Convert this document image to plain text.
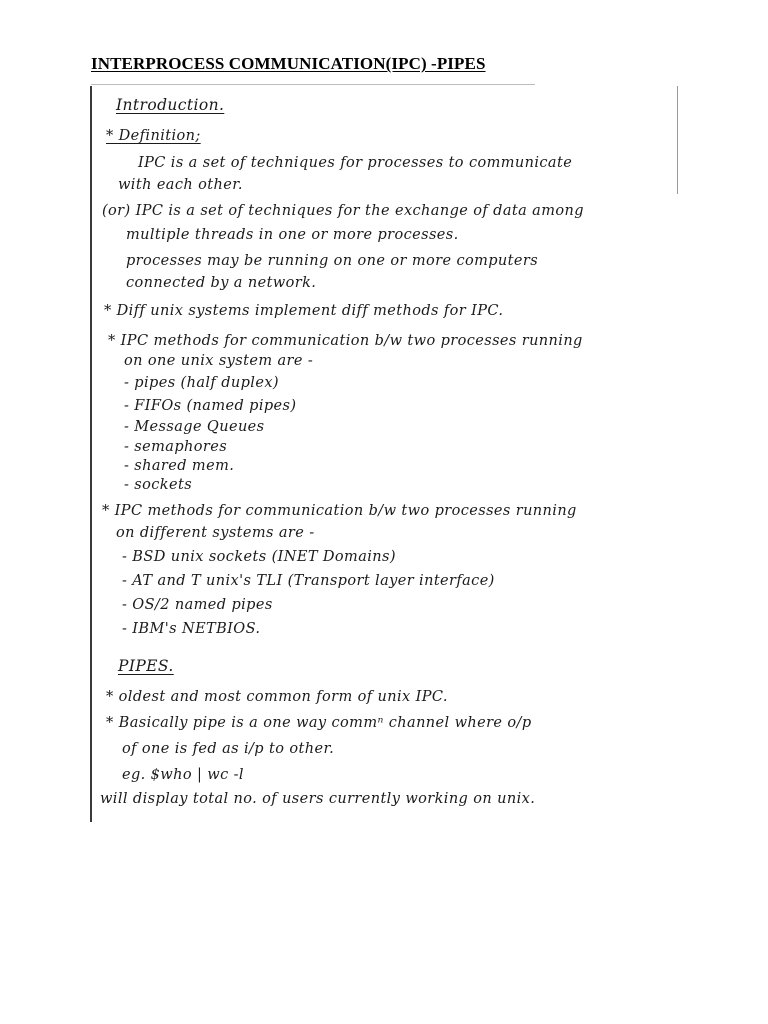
INTERPROCESS COMMUNICATION(IPC) -PIPES
Introduction.
* Definition;
IPC is a set of techniques for processes to communicate
with each other.
(or) IPC is a set of techniques for the exchange of data among
multiple threads in one or more processes.
processes may be running on one or more computers
connected by a network.
* Diff unix systems implement diff methods for IPC.
* IPC methods for communication b/w two processes running
on one unix system are -
- pipes (half duplex)
- FIFOs (named pipes)
- Message Queues
- semaphores
- shared mem.
- sockets
* IPC methods for communication b/w two processes running
on different systems are -
- BSD unix sockets (INET Domains)
- AT and T unix's TLI (Transport layer interface)
- OS/2 named pipes
- IBM's NETBIOS.
PIPES.
* oldest and most common form of unix IPC.
* Basically pipe is a one way commⁿ channel where o/p
of one is fed as i/p to other.
eg. $who | wc -l
will display total no. of users currently working on unix.
